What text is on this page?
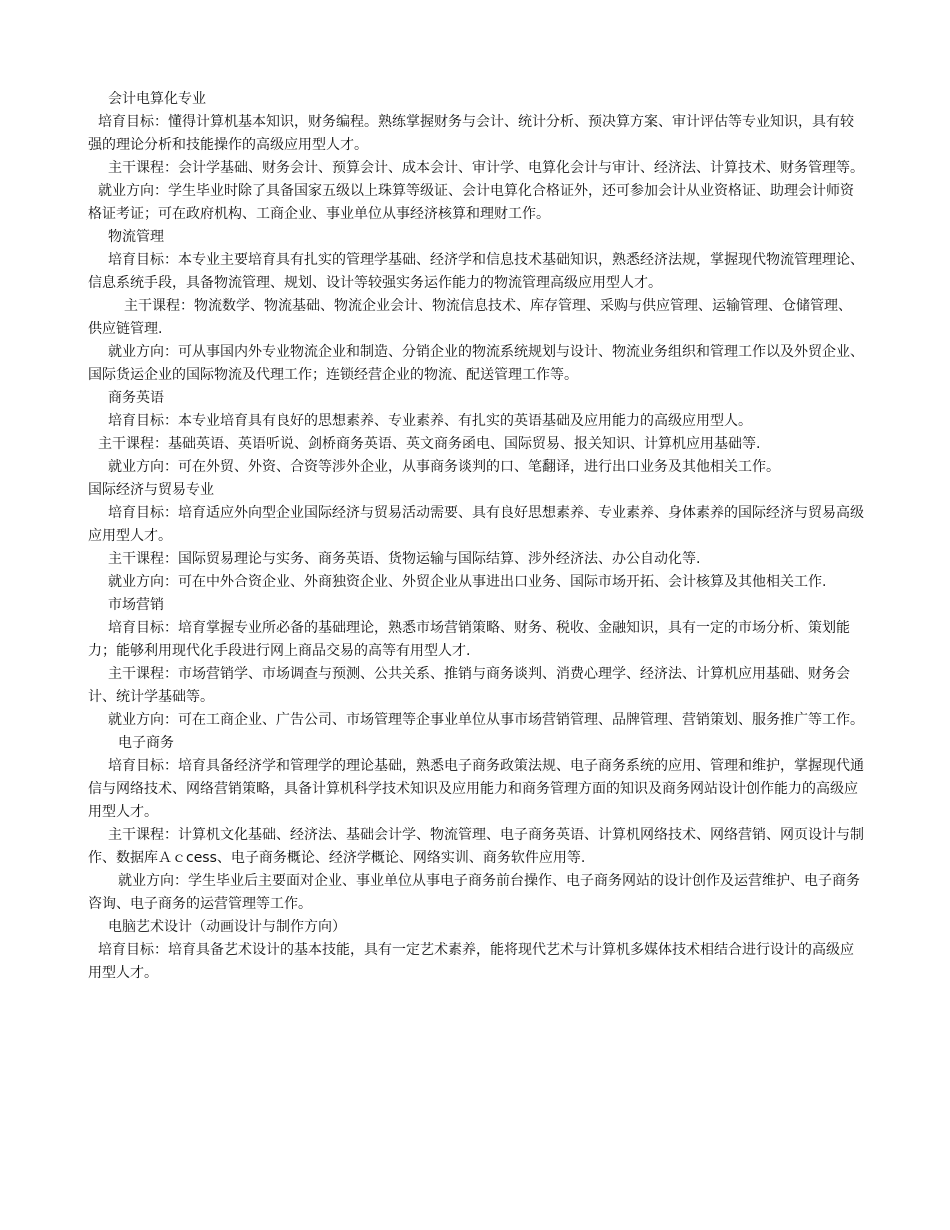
会计电算化专业

培育目标：懂得计算机基本知识，财务编程。熟练掌握财务与会计、统计分析、预决算方案、审计评估等专业知识，具有较强的理论分析和技能操作的高级应用型人才。

主干课程：会计学基础、财务会计、预算会计、成本会计、审计学、电算化会计与审计、经济法、计算技术、财务管理等。

就业方向：学生毕业时除了具备国家五级以上珠算等级证、会计电算化合格证外，还可参加会计从业资格证、助理会计师资格证考证；可在政府机构、工商企业、事业单位从事经济核算和理财工作。

物流管理

培育目标：本专业主要培育具有扎实的管理学基础、经济学和信息技术基础知识，熟悉经济法规，掌握现代物流管理理论、信息系统手段，具备物流管理、规划、设计等较强实务运作能力的物流管理高级应用型人才。

主干课程：物流数学、物流基础、物流企业会计、物流信息技术、库存管理、采购与供应管理、运输管理、仓储管理、供应链管理.

就业方向：可从事国内外专业物流企业和制造、分销企业的物流系统规划与设计、物流业务组织和管理工作以及外贸企业、国际货运企业的国际物流及代理工作；连锁经营企业的物流、配送管理工作等。

商务英语

培育目标：本专业培育具有良好的思想素养、专业素养、有扎实的英语基础及应用能力的高级应用型人。

主干课程：基础英语、英语听说、剑桥商务英语、英文商务函电、国际贸易、报关知识、计算机应用基础等.

就业方向：可在外贸、外资、合资等涉外企业，从事商务谈判的口、笔翻译，进行出口业务及其他相关工作。

国际经济与贸易专业

培育目标：培育适应外向型企业国际经济与贸易活动需要、具有良好思想素养、专业素养、身体素养的国际经济与贸易高级应用型人才。

主干课程：国际贸易理论与实务、商务英语、货物运输与国际结算、涉外经济法、办公自动化等.

就业方向：可在中外合资企业、外商独资企业、外贸企业从事进出口业务、国际市场开拓、会计核算及其他相关工作.

市场营销

培育目标：培育掌握专业所必备的基础理论，熟悉市场营销策略、财务、税收、金融知识，具有一定的市场分析、策划能力；能够利用现代化手段进行网上商品交易的高等有用型人才.

主干课程：市场营销学、市场调查与预测、公共关系、推销与商务谈判、消费心理学、经济法、计算机应用基础、财务会计、统计学基础等。

就业方向：可在工商企业、广告公司、市场管理等企事业单位从事市场营销管理、品牌管理、营销策划、服务推广等工作。

电子商务

培育目标：培育具备经济学和管理学的理论基础，熟悉电子商务政策法规、电子商务系统的应用、管理和维护，掌握现代通信与网络技术、网络营销策略，具备计算机科学技术知识及应用能力和商务管理方面的知识及商务网站设计创作能力的高级应用型人才。

主干课程：计算机文化基础、经济法、基础会计学、物流管理、电子商务英语、计算机网络技术、网络营销、网页设计与制作、数据库Ａｃcess、电子商务概论、经济学概论、网络实训、商务软件应用等.

就业方向：学生毕业后主要面对企业、事业单位从事电子商务前台操作、电子商务网站的设计创作及运营维护、电子商务咨询、电子商务的运营管理等工作。

电脑艺术设计（动画设计与制作方向）

培育目标：培育具备艺术设计的基本技能，具有一定艺术素养，能将现代艺术与计算机多媒体技术相结合进行设计的高级应用型人才。
